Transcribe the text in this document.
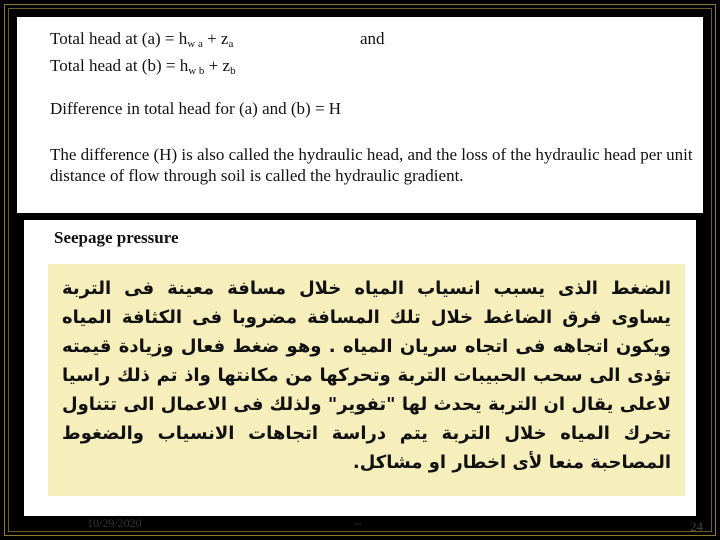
Total head at $(a) = h_{w a} + z_a$	and
Total head at $(b) = h_{w b} + z_b$
Difference in total head for (a) and (b) = H
The difference (H) is also called the hydraulic head, and the loss of the hydraulic head per unit distance of flow through soil is called the hydraulic gradient.
Seepage pressure
الضغط الذى يسبب انسياب المياه خلال مسافة معينة فى التربة يساوى فرق الضاغط خلال تلك المسافة مضروبا فى الكثافة المياه ويكون اتجاهه فى اتجاه سريان المياه . وهو ضغط فعال وزيادة قيمته تؤدى الى سحب الحبيبات التربة وتحركها من مكانتها واذ تم ذلك راسيا لاعلى يقال ان التربة يحدث لها "تفوير" ولذلك فى الاعمال الى تتناول تحرك المياه خلال التربة يتم دراسة اتجاهات الانسياب والضغوط المصاحبة منعا لأى اخطار او مشاكل.
10/29/2020	--	24
